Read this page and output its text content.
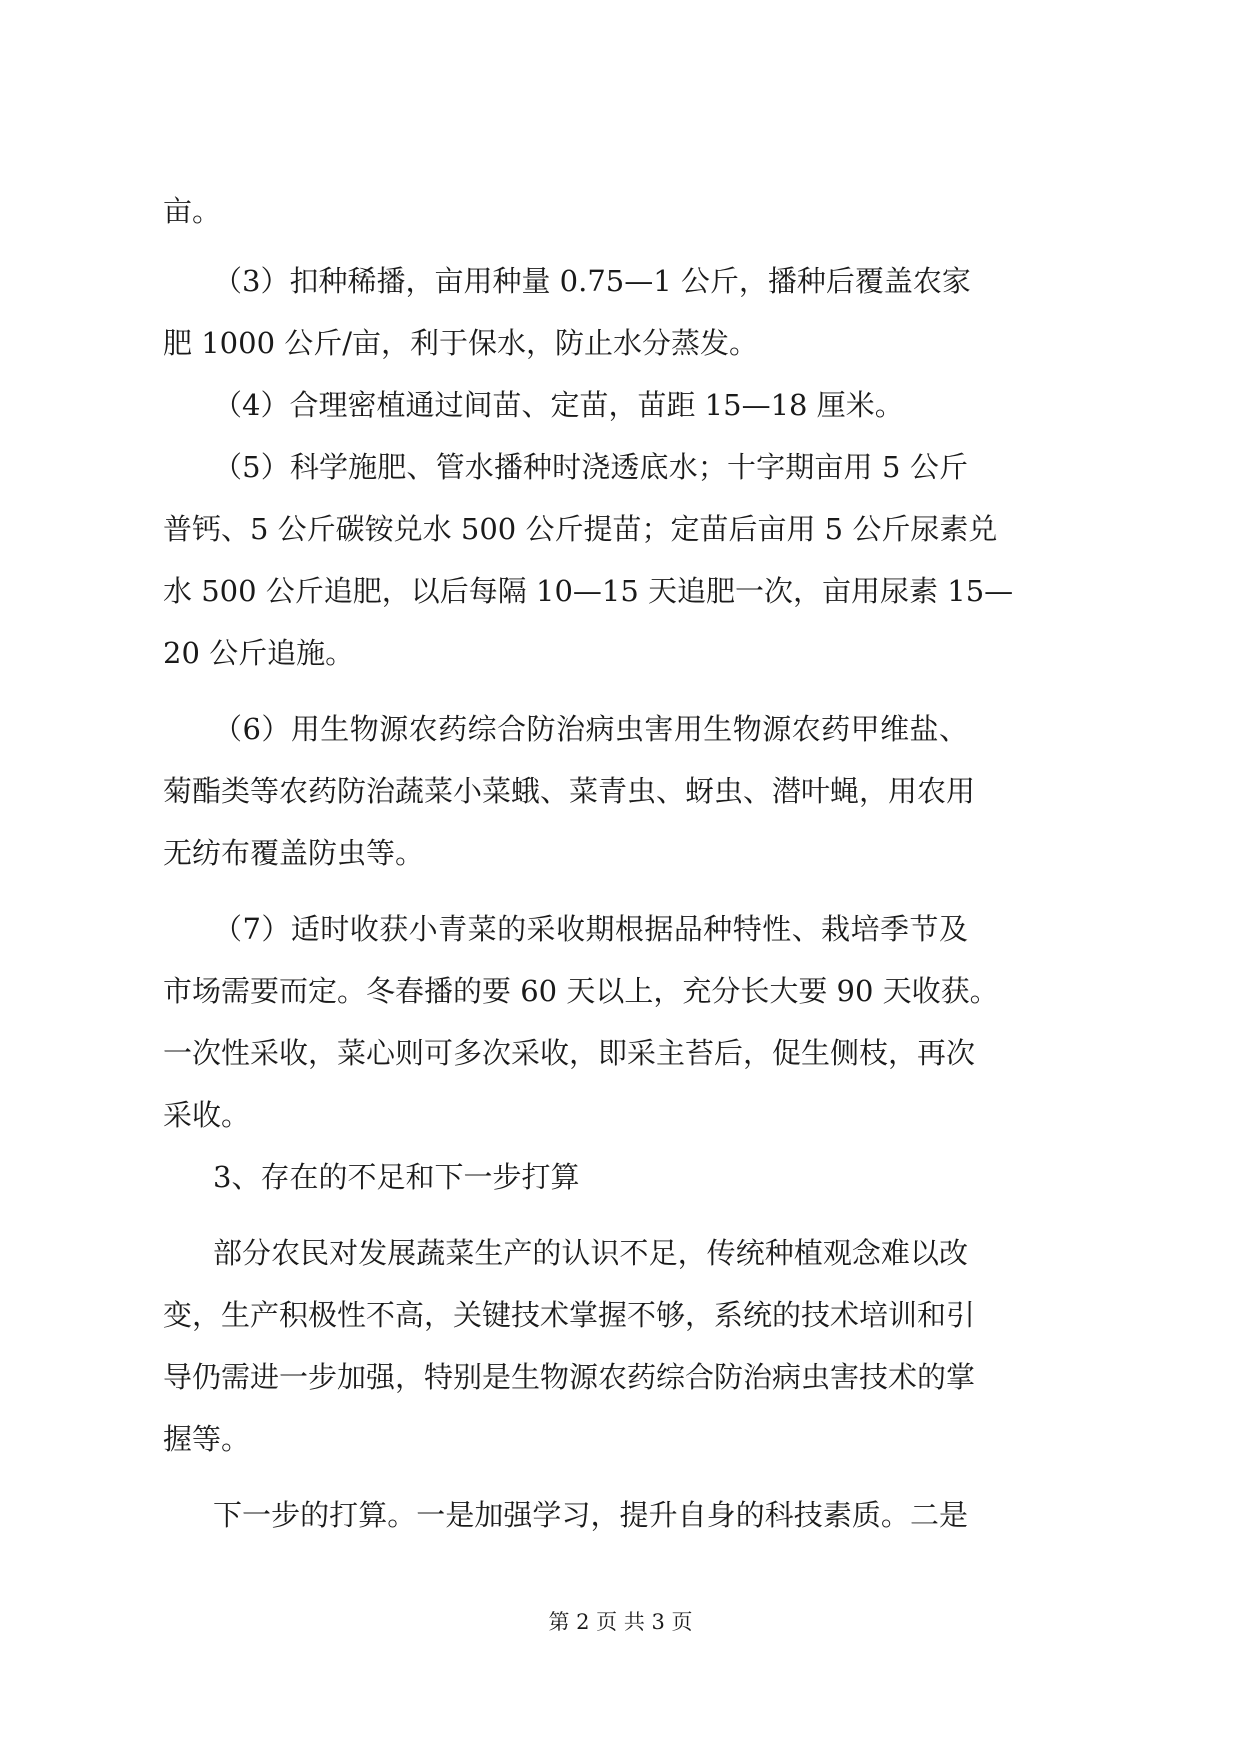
亩。
（3）扣种稀播，亩用种量 0.75—1 公斤，播种后覆盖农家
肥 1000 公斤/亩，利于保水，防止水分蒸发。
（4）合理密植通过间苗、定苗，苗距 15—18 厘米。
（5）科学施肥、管水播种时浇透底水；十字期亩用 5 公斤
普钙、5 公斤碳铵兑水 500 公斤提苗；定苗后亩用 5 公斤尿素兑
水 500 公斤追肥，以后每隔 10—15 天追肥一次，亩用尿素 15—
20 公斤追施。
（6）用生物源农药综合防治病虫害用生物源农药甲维盐、
菊酯类等农药防治蔬菜小菜蛾、菜青虫、蚜虫、潜叶蝇，用农用
无纺布覆盖防虫等。
（7）适时收获小青菜的采收期根据品种特性、栽培季节及
市场需要而定。冬春播的要 60 天以上，充分长大要 90 天收获。
一次性采收，菜心则可多次采收，即采主苔后，促生侧枝，再次
采收。
3、存在的不足和下一步打算
部分农民对发展蔬菜生产的认识不足，传统种植观念难以改
变，生产积极性不高，关键技术掌握不够，系统的技术培训和引
导仍需进一步加强，特别是生物源农药综合防治病虫害技术的掌
握等。
下一步的打算。一是加强学习，提升自身的科技素质。二是
第 2 页 共 3 页
